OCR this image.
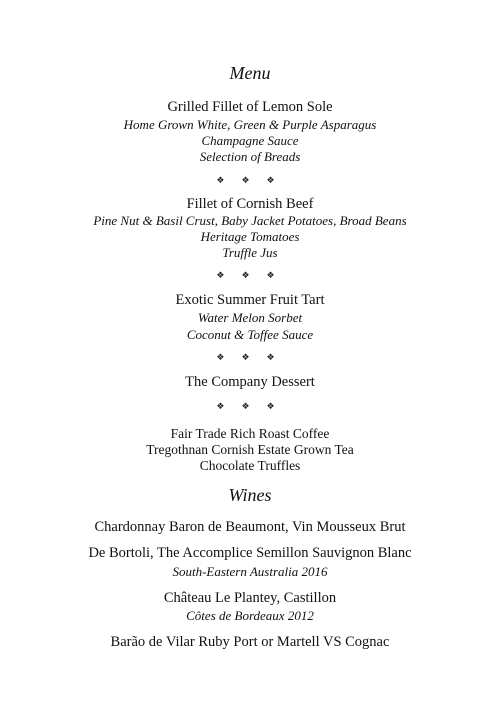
Menu
Grilled Fillet of Lemon Sole
Home Grown White, Green & Purple Asparagus
Champagne Sauce
Selection of Breads
❖ ❖ ❖
Fillet of Cornish Beef
Pine Nut & Basil Crust, Baby Jacket Potatoes, Broad Beans
Heritage Tomatoes
Truffle Jus
❖ ❖ ❖
Exotic Summer Fruit Tart
Water Melon Sorbet
Coconut & Toffee Sauce
❖ ❖ ❖
The Company Dessert
❖ ❖ ❖
Fair Trade Rich Roast Coffee
Tregothnan Cornish Estate Grown Tea
Chocolate Truffles
Wines
Chardonnay Baron de Beaumont, Vin Mousseux Brut
De Bortoli, The Accomplice Semillon Sauvignon Blanc
South-Eastern Australia 2016
Château Le Plantey, Castillon
Côtes de Bordeaux 2012
Barão de Vilar Ruby Port or Martell VS Cognac
